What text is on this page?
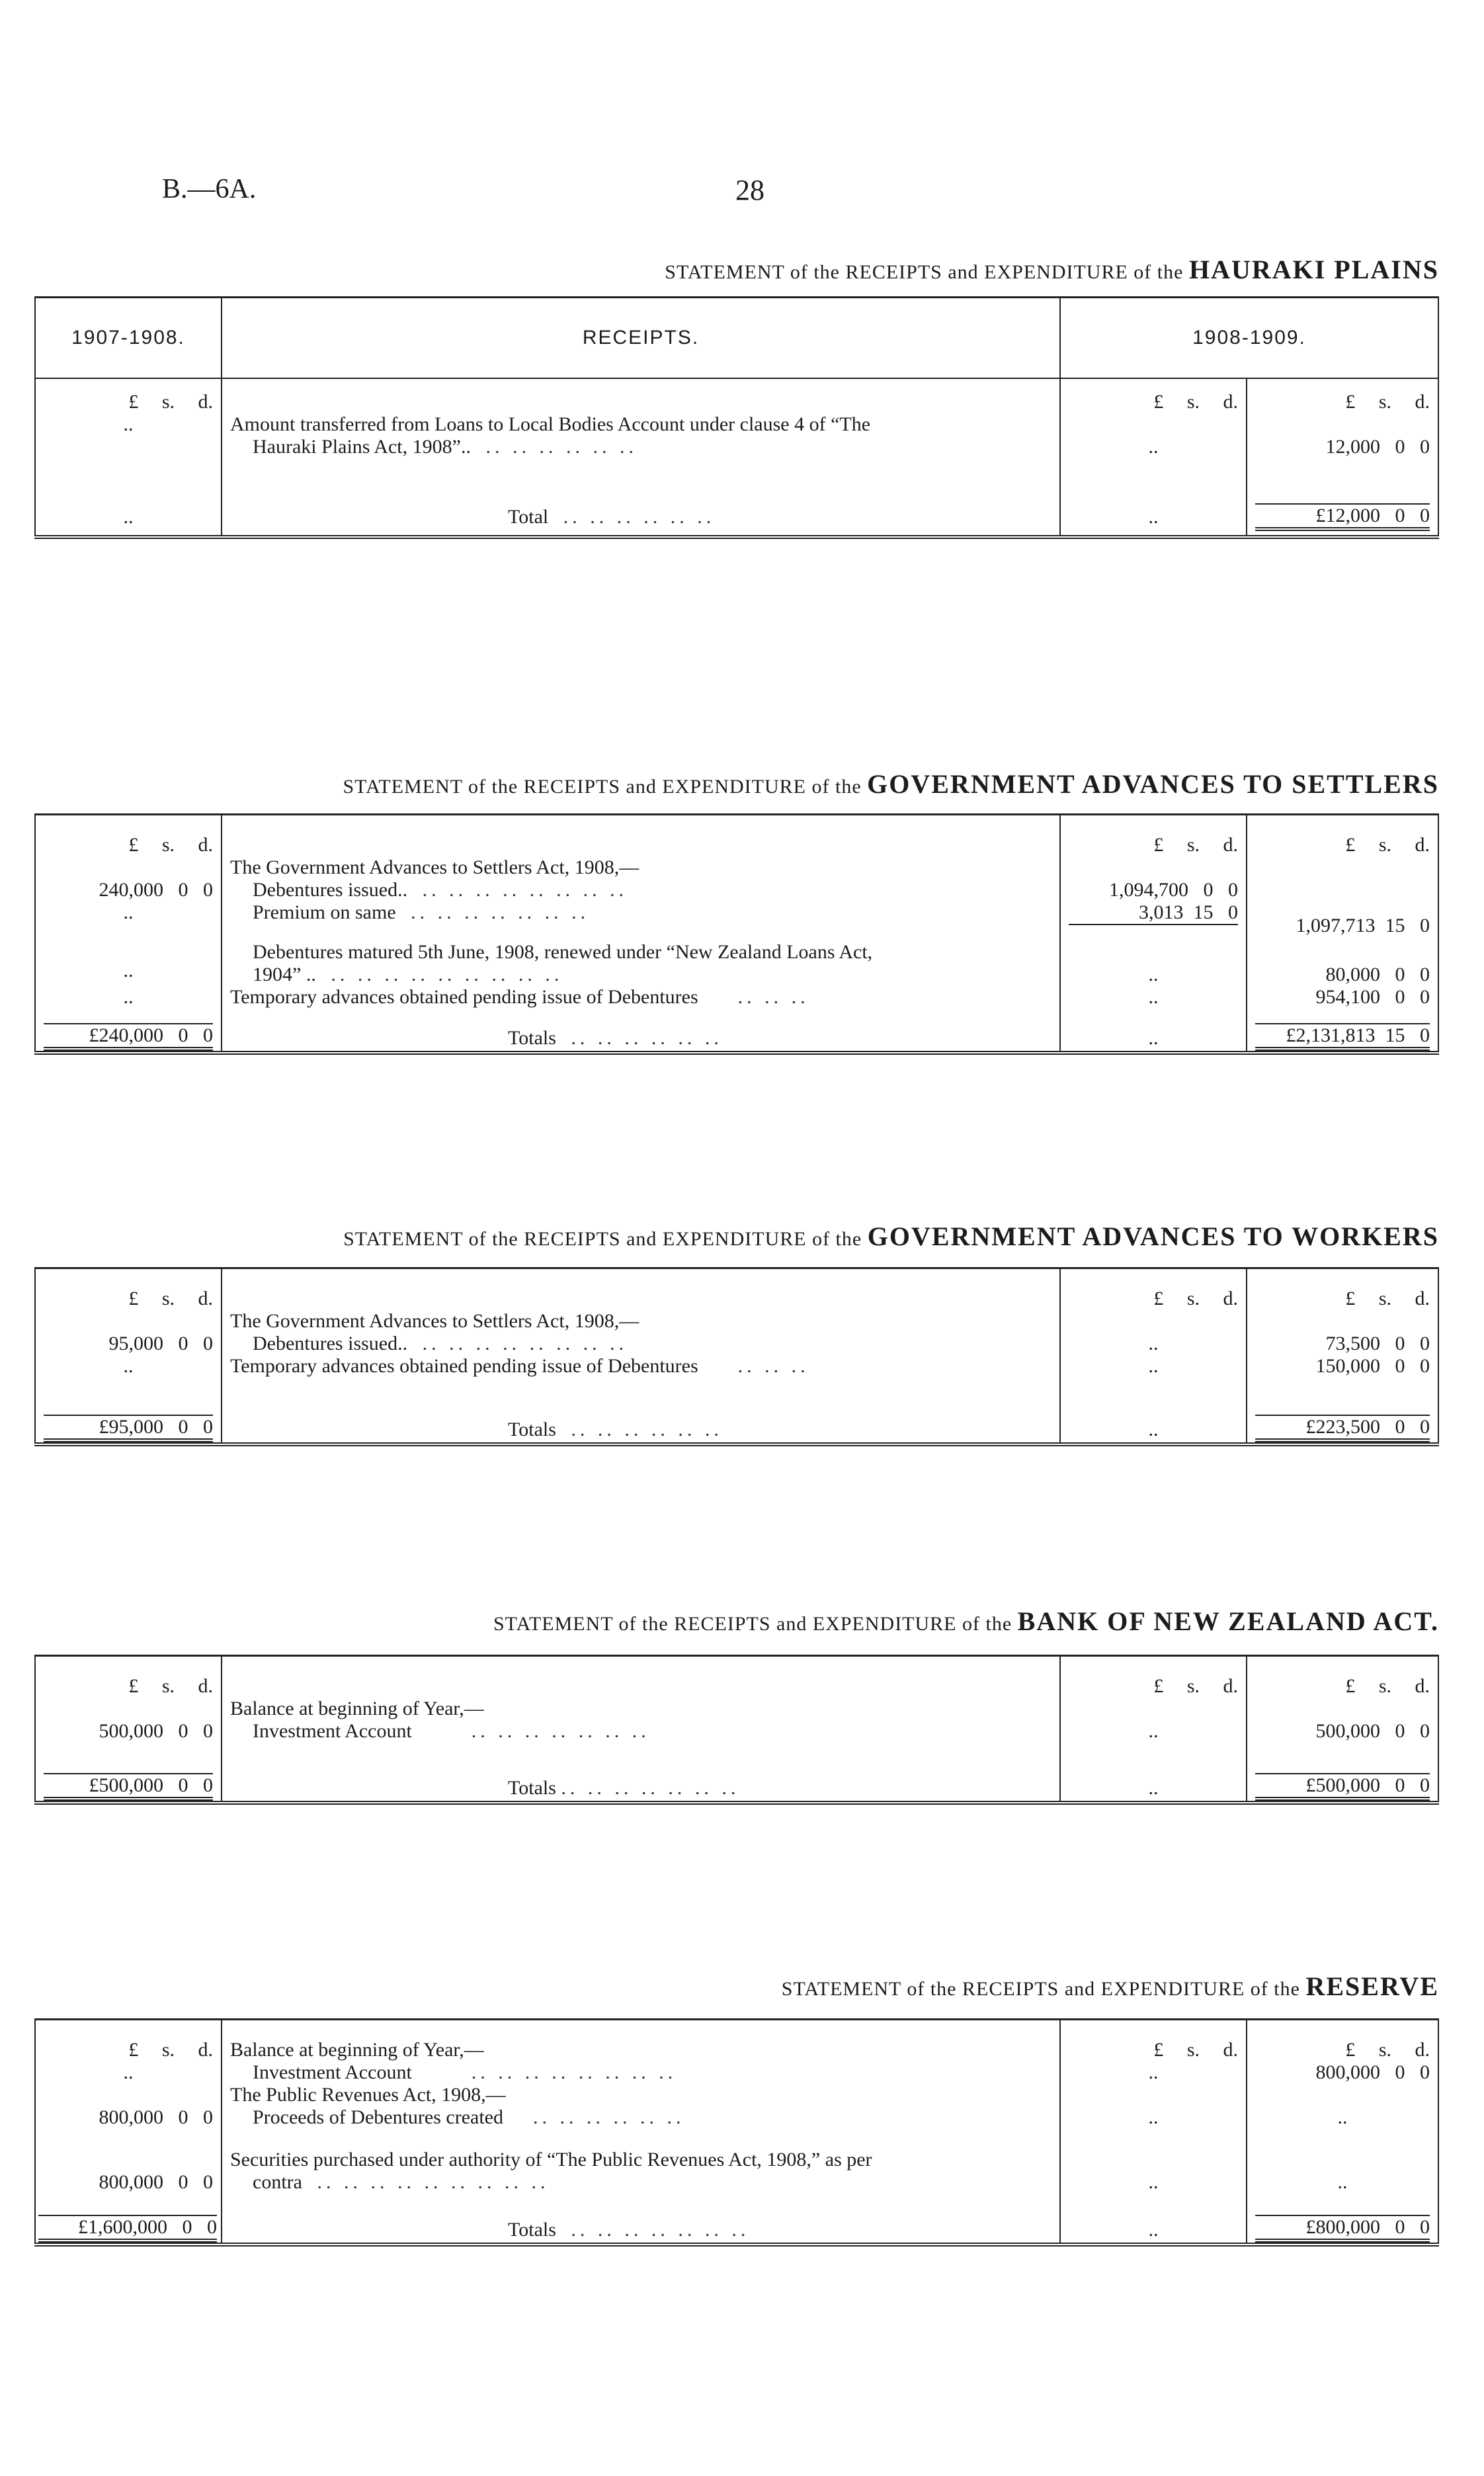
B.—6A.	28
STATEMENT of the RECEIPTS and EXPENDITURE of the HAURAKI PLAINS
1907-1908.	RECEIPTS.	1908-1909.	
£ s. d.		£ s. d.	£ s. d.
..	Amount transferred from Loans to Local Bodies Account under clause 4 of “The
Hauraki Plains Act, 1908”.. .. .. .. .. .. ..	..	12,000   0   0
..	Total .. .. .. .. .. ..	..	£12,000   0   0
STATEMENT of the RECEIPTS and EXPENDITURE of the GOVERNMENT ADVANCES TO SETTLERS
£ s. d.		£ s. d.	£ s. d.

	The Government Advances to Settlers Act, 1908,—		

240,000   0   0	Debentures issued.. .. .. .. .. .. .. .. ..	1,094,700   0   0	
..	Premium on same .. .. .. .. .. .. ..	3,013  15   0	1,097,713  15   0
..	Debentures matured 5th June, 1908, renewed under “New Zealand Loans Act,
1904” .. .. .. .. .. .. .. .. .. ..	..	80,000   0   0
..	Temporary advances obtained pending issue of Debentures .. .. ..	..	954,100   0   0

£240,000   0   0	Totals .. .. .. .. .. ..	..	£2,131,813  15   0
STATEMENT of the RECEIPTS and EXPENDITURE of the GOVERNMENT ADVANCES TO WORKERS
£ s. d.		£ s. d.	£ s. d.

	The Government Advances to Settlers Act, 1908,—		

95,000   0   0	Debentures issued.. .. .. .. .. .. .. .. ..	..	73,500   0   0
..	Temporary advances obtained pending issue of Debentures .. .. ..	..	150,000   0   0

£95,000   0   0	Totals .. .. .. .. .. ..	..	£223,500   0   0
STATEMENT of the RECEIPTS and EXPENDITURE of the BANK OF NEW ZEALAND ACT.
£ s. d.		£ s. d.	£ s. d.

	Balance at beginning of Year,—		

500,000   0   0	Investment Account .. .. .. .. .. .. ..	..	500,000   0   0

£500,000   0   0	Totals .. .. .. .. .. .. ..	..	£500,000   0   0
STATEMENT of the RECEIPTS and EXPENDITURE of the RESERVE
£ s. d.	Balance at beginning of Year,—	£ s. d.	£ s. d.
..	Investment Account .. .. .. .. .. .. .. ..	..	800,000   0   0

	The Public Revenues Act, 1908,—		

800,000   0   0	Proceeds of Debentures created .. .. .. .. .. ..	..	..
800,000   0   0	Securities purchased under authority of “The Public Revenues Act, 1908,” as per
contra .. .. .. .. .. .. .. .. ..	..	..

£1,600,000   0   0	Totals .. .. .. .. .. .. ..	..	£800,000   0   0
